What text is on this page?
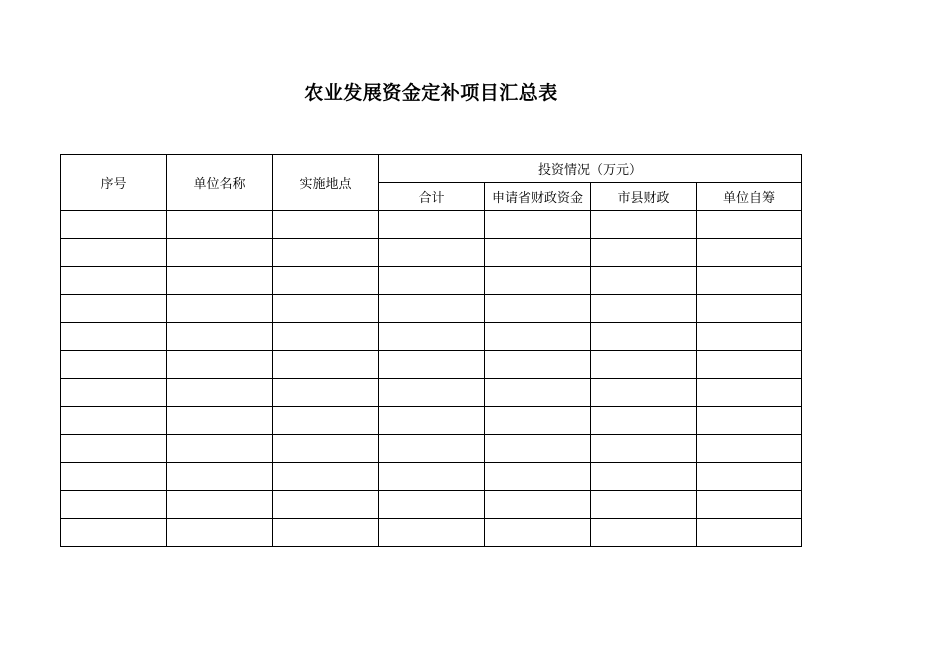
农业发展资金定补项目汇总表
序号	单位名称	实施地点	投资情况（万元）			
			合计	申请省财政资金	市县财政	单位自筹
